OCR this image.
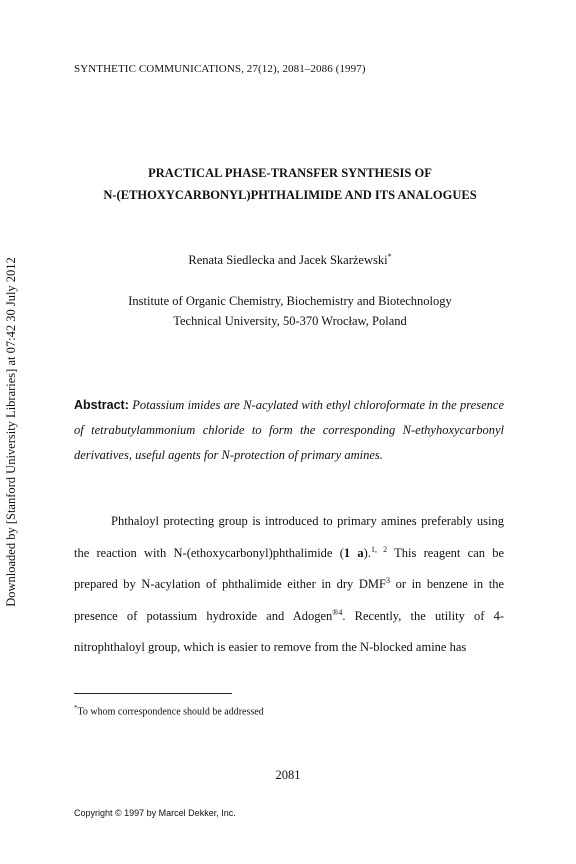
SYNTHETIC COMMUNICATIONS, 27(12), 2081–2086 (1997)
Downloaded by [Stanford University Libraries] at 07:42 30 July 2012
PRACTICAL PHASE-TRANSFER SYNTHESIS OF
N-(ETHOXYCARBONYL)PHTHALIMIDE AND ITS ANALOGUES
Renata Siedlecka and Jacek Skarżewski*
Institute of Organic Chemistry, Biochemistry and Biotechnology
Technical University, 50-370 Wrocław, Poland
Abstract: Potassium imides are N-acylated with ethyl chloroformate in the presence of tetrabutylammonium chloride to form the corresponding N-ethyhoxycarbonyl derivatives, useful agents for N-protection of primary amines.
Phthaloyl protecting group is introduced to primary amines preferably using the reaction with N-(ethoxycarbonyl)phthalimide (1 a).$^{1, 2}$ This reagent can be prepared by N-acylation of phthalimide either in dry DMF$^3$ or in benzene in the presence of potassium hydroxide and Adogen$^{®4}$. Recently, the utility of 4-nitrophthaloyl group, which is easier to remove from the N-blocked amine has
*To whom correspondence should be addressed
2081
Copyright © 1997 by Marcel Dekker, Inc.
